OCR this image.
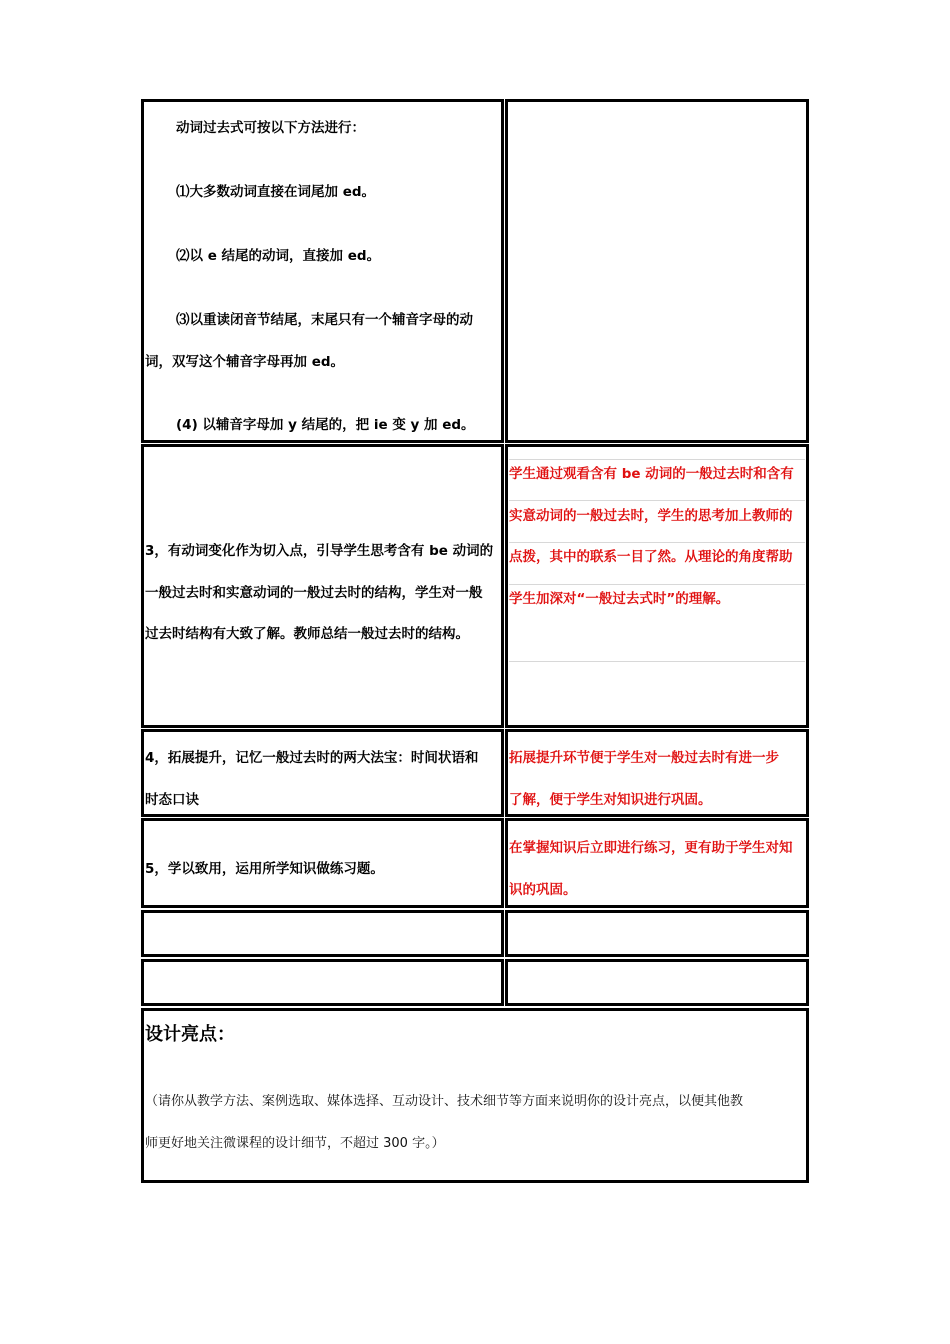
动词过去式可按以下方法进行：
⑴大多数动词直接在词尾加 ed。
⑵以 e 结尾的动词，直接加 ed。
⑶以重读闭音节结尾，末尾只有一个辅音字母的动
词，双写这个辅音字母再加 ed。
(4) 以辅音字母加 y 结尾的，把 ie 变 y 加 ed。
3，有动词变化作为切入点，引导学生思考含有 be 动词的
一般过去时和实意动词的一般过去时的结构，学生对一般
过去时结构有大致了解。教师总结一般过去时的结构。
学生通过观看含有 be 动词的一般过去时和含有
实意动词的一般过去时，学生的思考加上教师的
点拨，其中的联系一目了然。从理论的角度帮助
学生加深对“一般过去式时”的理解。
4，拓展提升，记忆一般过去时的两大法宝：时间状语和
时态口诀
拓展提升环节便于学生对一般过去时有进一步
了解，便于学生对知识进行巩固。
5，学以致用，运用所学知识做练习题。
在掌握知识后立即进行练习，更有助于学生对知
识的巩固。
设计亮点：
（请你从教学方法、案例选取、媒体选择、互动设计、技术细节等方面来说明你的设计亮点，以便其他教
师更好地关注微课程的设计细节，不超过 300 字。）
